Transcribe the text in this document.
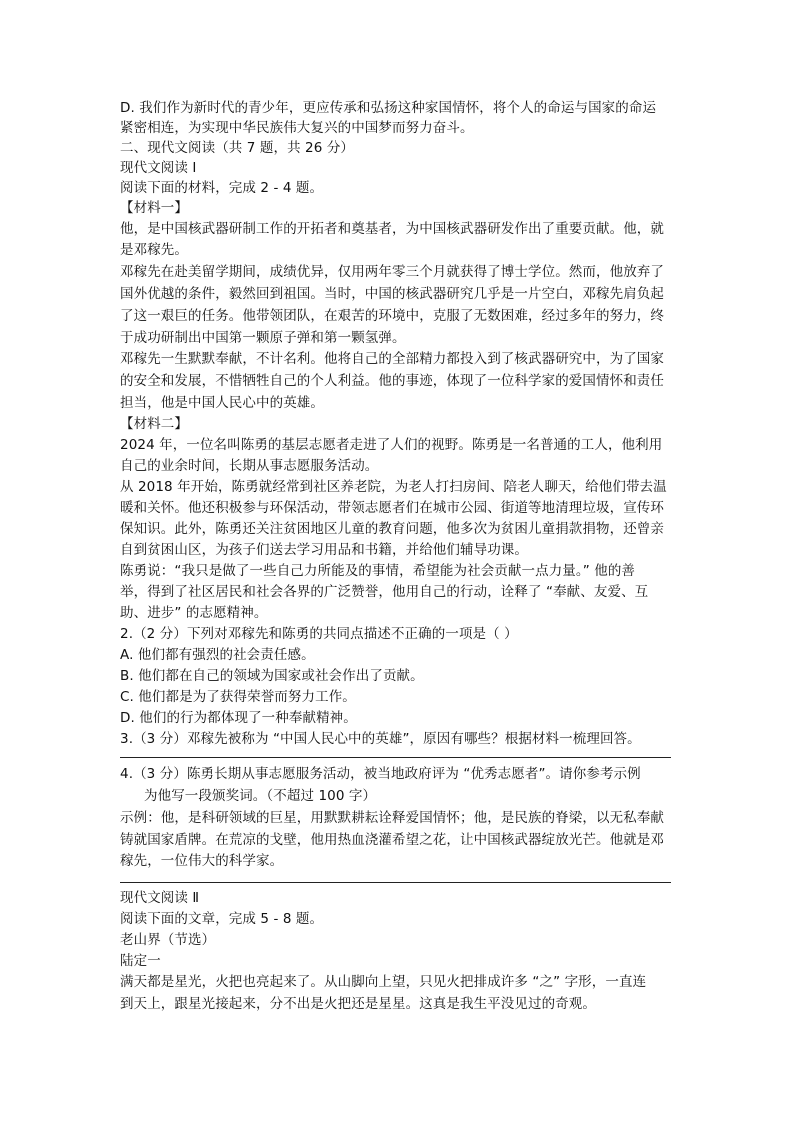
D. 我们作为新时代的青少年，更应传承和弘扬这种家国情怀，将个人的命运与国家的命运
紧密相连，为实现中华民族伟大复兴的中国梦而努力奋斗。
二、现代文阅读（共 7 题，共 26 分）
现代文阅读 Ⅰ
阅读下面的材料，完成 2 - 4 题。
【材料一】
他，是中国核武器研制工作的开拓者和奠基者，为中国核武器研发作出了重要贡献。他，就
是邓稼先。
邓稼先在赴美留学期间，成绩优异，仅用两年零三个月就获得了博士学位。然而，他放弃了
国外优越的条件，毅然回到祖国。当时，中国的核武器研究几乎是一片空白，邓稼先肩负起
了这一艰巨的任务。他带领团队，在艰苦的环境中，克服了无数困难，经过多年的努力，终
于成功研制出中国第一颗原子弹和第一颗氢弹。
邓稼先一生默默奉献，不计名利。他将自己的全部精力都投入到了核武器研究中，为了国家
的安全和发展，不惜牺牲自己的个人利益。他的事迹，体现了一位科学家的爱国情怀和责任
担当，他是中国人民心中的英雄。
【材料二】
2024 年，一位名叫陈勇的基层志愿者走进了人们的视野。陈勇是一名普通的工人，他利用
自己的业余时间，长期从事志愿服务活动。
从 2018 年开始，陈勇就经常到社区养老院，为老人打扫房间、陪老人聊天，给他们带去温
暖和关怀。他还积极参与环保活动，带领志愿者们在城市公园、街道等地清理垃圾，宣传环
保知识。此外，陈勇还关注贫困地区儿童的教育问题，他多次为贫困儿童捐款捐物，还曾亲
自到贫困山区，为孩子们送去学习用品和书籍，并给他们辅导功课。
陈勇说：“我只是做了一些自己力所能及的事情，希望能为社会贡献一点力量。” 他的善
举，得到了社区居民和社会各界的广泛赞誉，他用自己的行动，诠释了 “奉献、友爱、互
助、进步” 的志愿精神。
2.（2 分）下列对邓稼先和陈勇的共同点描述不正确的一项是（ ）
A. 他们都有强烈的社会责任感。
B. 他们都在自己的领域为国家或社会作出了贡献。
C. 他们都是为了获得荣誉而努力工作。
D. 他们的行为都体现了一种奉献精神。
3.（3 分）邓稼先被称为 “中国人民心中的英雄”，原因有哪些？根据材料一梳理回答。
4.（3 分）陈勇长期从事志愿服务活动，被当地政府评为 “优秀志愿者”。请你参考示例
为他写一段颁奖词。（不超过 100 字）
示例：他，是科研领域的巨星，用默默耕耘诠释爱国情怀；他，是民族的脊梁，以无私奉献
铸就国家盾牌。在荒凉的戈壁，他用热血浇灌希望之花，让中国核武器绽放光芒。他就是邓
稼先，一位伟大的科学家。
现代文阅读 Ⅱ
阅读下面的文章，完成 5 - 8 题。
老山界（节选）
陆定一
满天都是星光，火把也亮起来了。从山脚向上望，只见火把排成许多 “之” 字形，一直连
到天上，跟星光接起来，分不出是火把还是星星。这真是我生平没见过的奇观。
